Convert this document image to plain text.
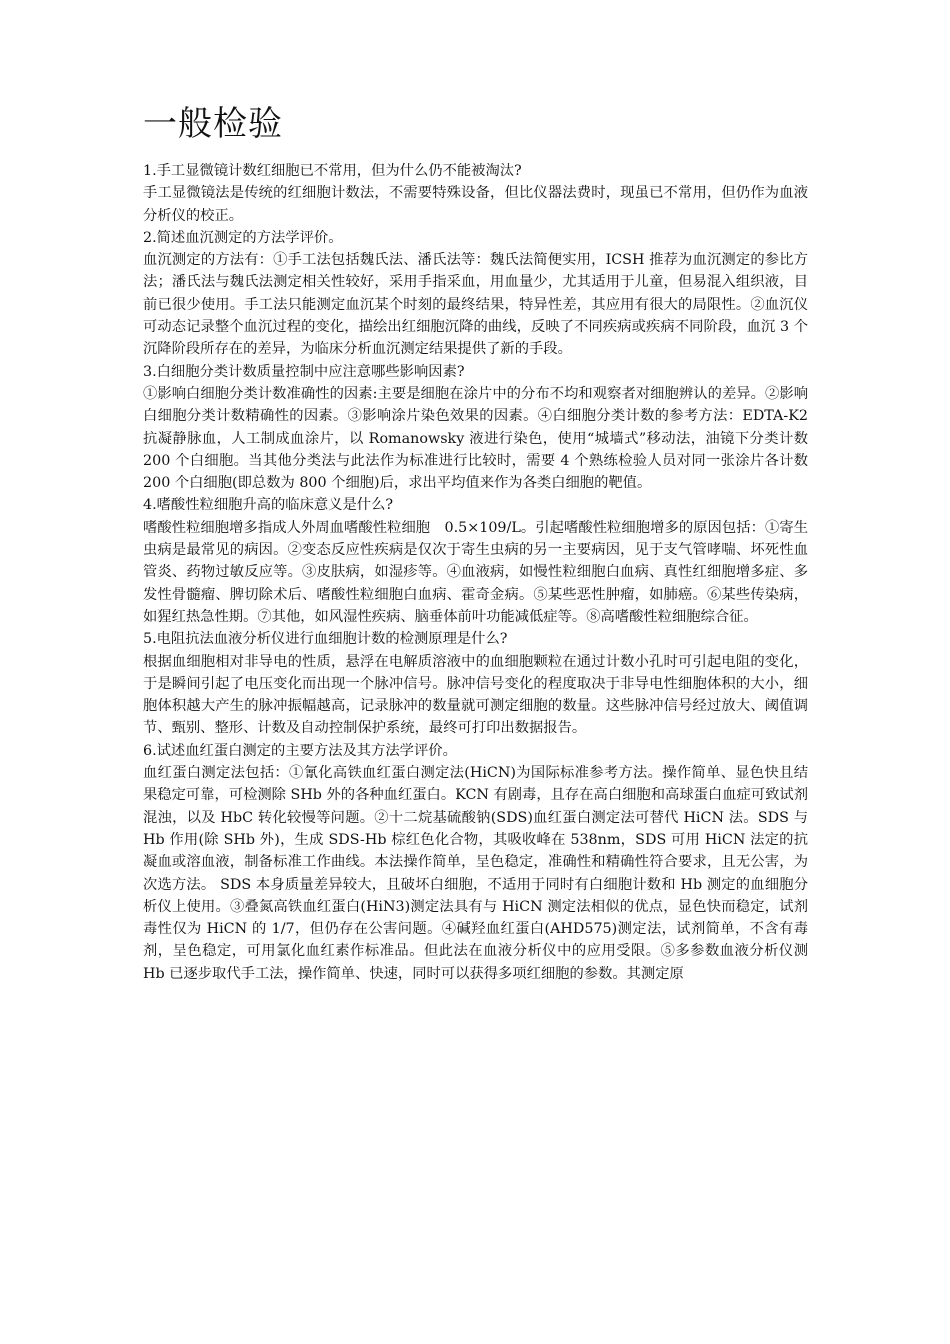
一般检验

1.手工显微镜计数红细胞已不常用，但为什么仍不能被淘汰?

手工显微镜法是传统的红细胞计数法，不需要特殊设备，但比仪器法费时，现虽已不常用，但仍作为血液分析仪的校正。

2.简述血沉测定的方法学评价。

血沉测定的方法有：①手工法包括魏氏法、潘氏法等：魏氏法简便实用，ICSH 推荐为血沉测定的参比方法；潘氏法与魏氏法测定相关性较好，采用手指采血，用血量少，尤其适用于儿童，但易混入组织液，目前已很少使用。手工法只能测定血沉某个时刻的最终结果，特异性差，其应用有很大的局限性。②血沉仪可动态记录整个血沉过程的变化，描绘出红细胞沉降的曲线，反映了不同疾病或疾病不同阶段，血沉 3 个沉降阶段所存在的差异，为临床分析血沉测定结果提供了新的手段。

3.白细胞分类计数质量控制中应注意哪些影响因素?

①影响白细胞分类计数准确性的因素:主要是细胞在涂片中的分布不均和观察者对细胞辨认的差异。②影响白细胞分类计数精确性的因素。③影响涂片染色效果的因素。④白细胞分类计数的参考方法：EDTA-K2 抗凝静脉血，人工制成血涂片，以 Romanowsky 液进行染色，使用“城墙式”移动法，油镜下分类计数 200 个白细胞。当其他分类法与此法作为标准进行比较时，需要 4 个熟练检验人员对同一张涂片各计数 200 个白细胞(即总数为 800 个细胞)后，求出平均值来作为各类白细胞的靶值。

4.嗜酸性粒细胞升高的临床意义是什么?

嗜酸性粒细胞增多指成人外周血嗜酸性粒细胞　0.5×109/L。引起嗜酸性粒细胞增多的原因包括：①寄生虫病是最常见的病因。②变态反应性疾病是仅次于寄生虫病的另一主要病因，见于支气管哮喘、坏死性血管炎、药物过敏反应等。③皮肤病，如湿疹等。④血液病，如慢性粒细胞白血病、真性红细胞增多症、多发性骨髓瘤、脾切除术后、嗜酸性粒细胞白血病、霍奇金病。⑤某些恶性肿瘤，如肺癌。⑥某些传染病，如猩红热急性期。⑦其他，如风湿性疾病、脑垂体前叶功能减低症等。⑧高嗜酸性粒细胞综合征。

5.电阻抗法血液分析仪进行血细胞计数的检测原理是什么?

根据血细胞相对非导电的性质，悬浮在电解质溶液中的血细胞颗粒在通过计数小孔时可引起电阻的变化，于是瞬间引起了电压变化而出现一个脉冲信号。脉冲信号变化的程度取决于非导电性细胞体积的大小，细胞体积越大产生的脉冲振幅越高，记录脉冲的数量就可测定细胞的数量。这些脉冲信号经过放大、阈值调节、甄别、整形、计数及自动控制保护系统，最终可打印出数据报告。

6.试述血红蛋白测定的主要方法及其方法学评价。

血红蛋白测定法包括：①氰化高铁血红蛋白测定法(HiCN)为国际标准参考方法。操作简单、显色快且结果稳定可靠，可检测除 SHb 外的各种血红蛋白。KCN 有剧毒，且存在高白细胞和高球蛋白血症可致试剂混浊，以及 HbC 转化较慢等问题。②十二烷基硫酸钠(SDS)血红蛋白测定法可替代 HiCN 法。SDS 与 Hb 作用(除 SHb 外)，生成 SDS-Hb 棕红色化合物，其吸收峰在 538nm，SDS 可用 HiCN 法定的抗凝血或溶血液，制备标准工作曲线。本法操作简单，呈色稳定，准确性和精确性符合要求，且无公害，为次选方法。 SDS 本身质量差异较大，且破坏白细胞，不适用于同时有白细胞计数和 Hb 测定的血细胞分析仪上使用。③叠氮高铁血红蛋白(HiN3)测定法具有与 HiCN 测定法相似的优点，显色快而稳定，试剂毒性仅为 HiCN 的 1/7，但仍存在公害问题。④碱羟血红蛋白(AHD575)测定法，试剂简单，不含有毒剂，呈色稳定，可用氯化血红素作标准品。但此法在血液分析仪中的应用受限。⑤多参数血液分析仪测 Hb 已逐步取代手工法，操作简单、快速，同时可以获得多项红细胞的参数。其测定原
